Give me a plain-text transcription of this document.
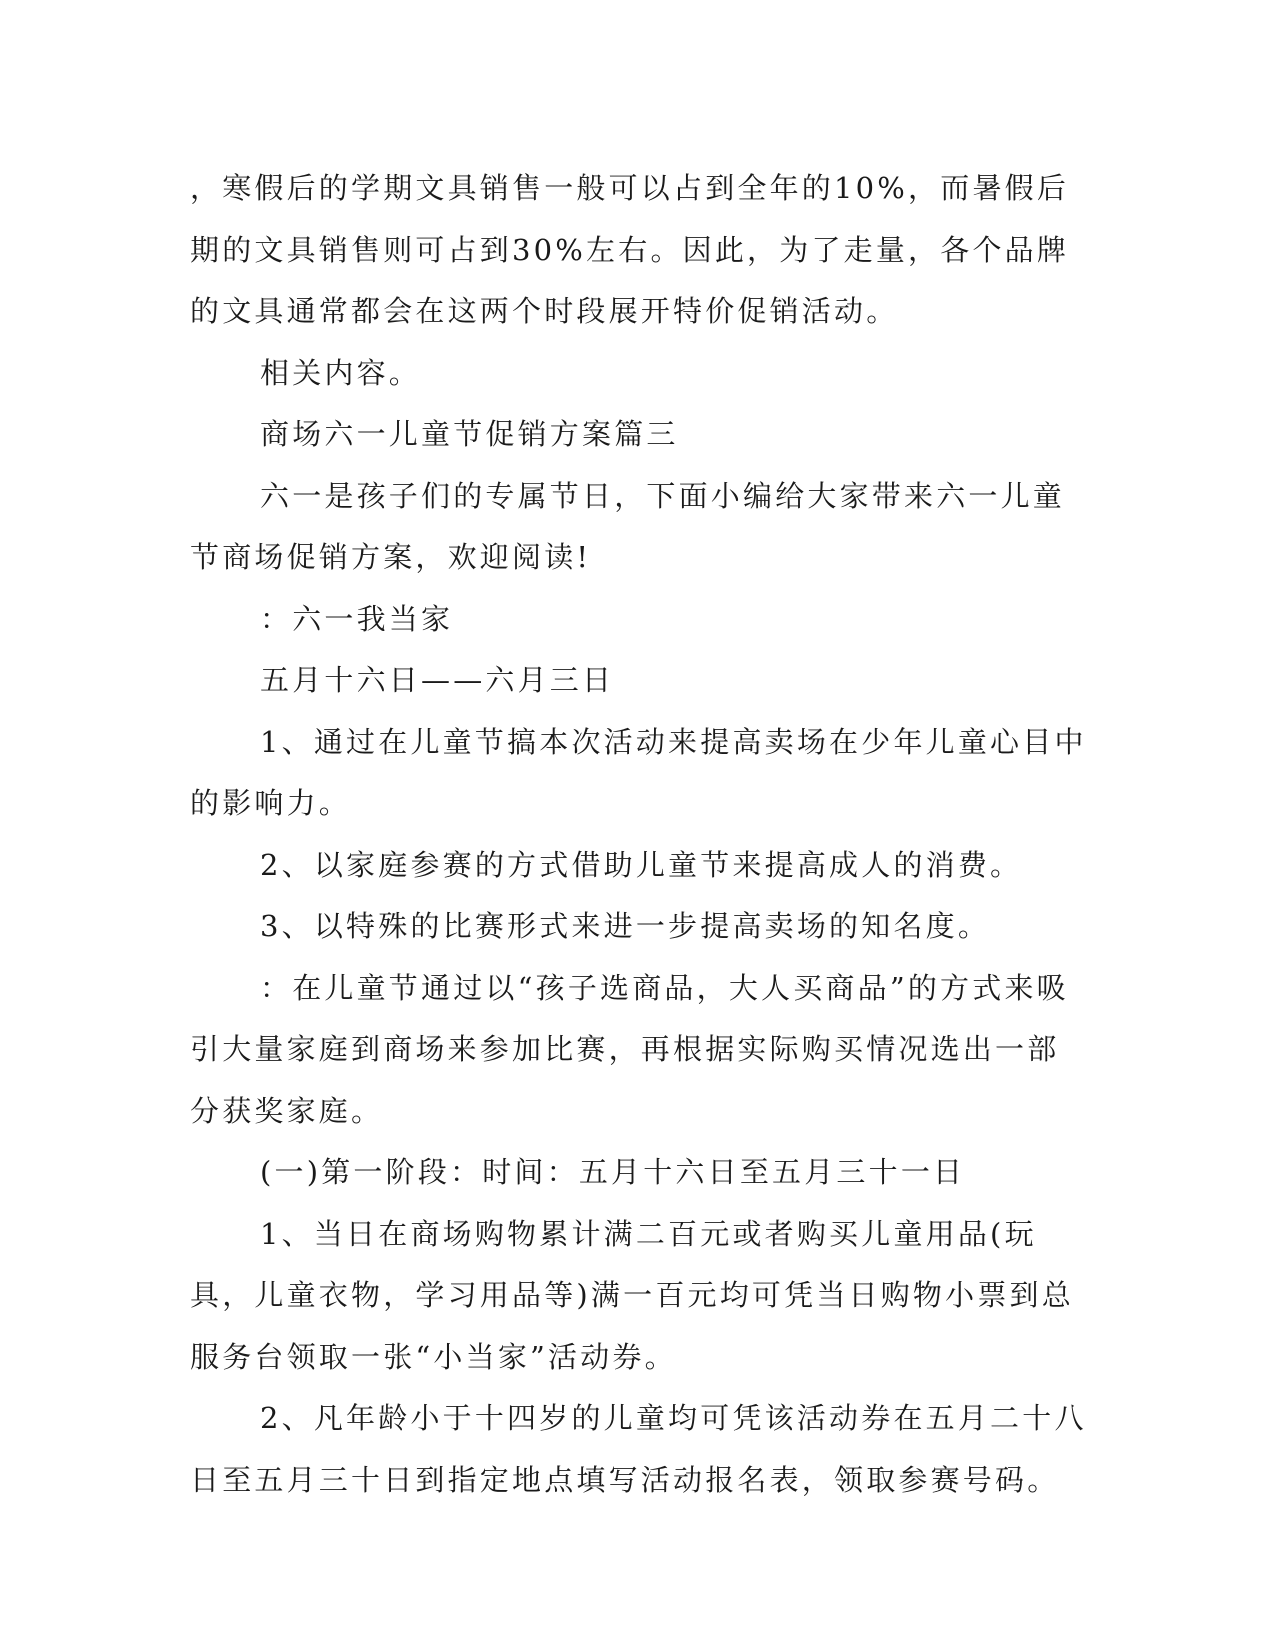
，寒假后的学期文具销售一般可以占到全年的10%，而暑假后期的文具销售则可占到30%左右。因此，为了走量，各个品牌的文具通常都会在这两个时段展开特价促销活动。

相关内容。

商场六一儿童节促销方案篇三

六一是孩子们的专属节日，下面小编给大家带来六一儿童节商场促销方案，欢迎阅读!

：六一我当家

五月十六日——六月三日

1、通过在儿童节搞本次活动来提高卖场在少年儿童心目中的影响力。

2、以家庭参赛的方式借助儿童节来提高成人的消费。

3、以特殊的比赛形式来进一步提高卖场的知名度。

：在儿童节通过以“孩子选商品，大人买商品”的方式来吸引大量家庭到商场来参加比赛，再根据实际购买情况选出一部分获奖家庭。

(一)第一阶段：时间：五月十六日至五月三十一日

1、当日在商场购物累计满二百元或者购买儿童用品(玩具，儿童衣物，学习用品等)满一百元均可凭当日购物小票到总服务台领取一张“小当家”活动券。

2、凡年龄小于十四岁的儿童均可凭该活动券在五月二十八日至五月三十日到指定地点填写活动报名表，领取参赛号码。
